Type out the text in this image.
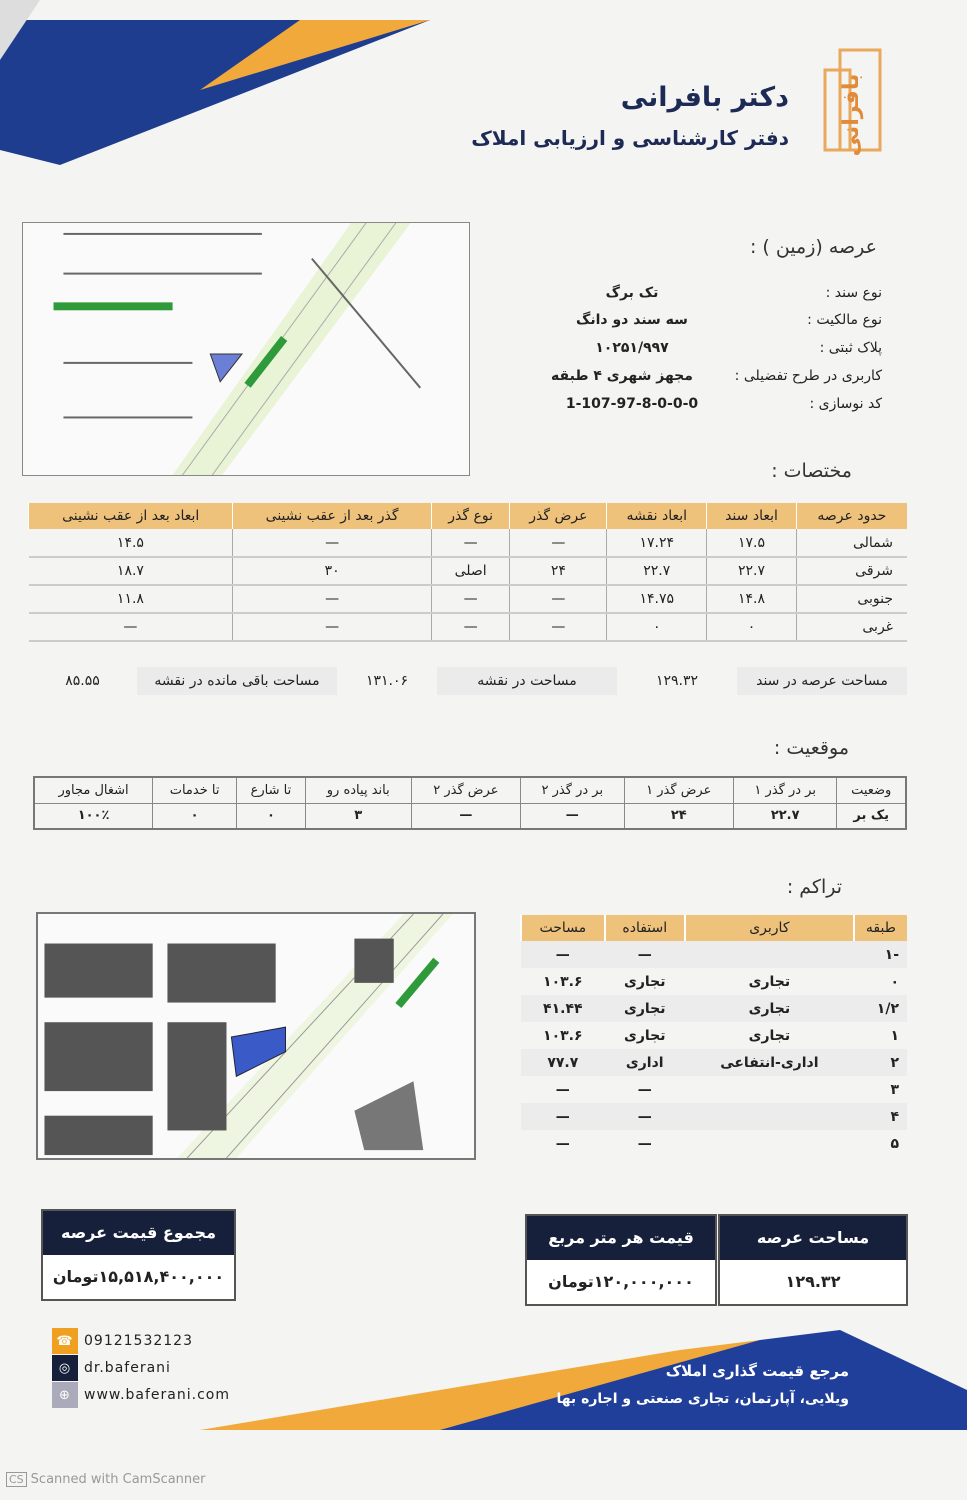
دکتر بافرانی
دفتر کارشناسی و ارزیابی املاک بافرانی
عرصه (زمین ) :
نوع سند :
تک برگ
نوع مالکیت :
سه سند دو دانگ
پلاک ثبتی :
۱۰۲۵۱/۹۹۷
کاربری در طرح تفضیلی :
مجهز شهری ۴ طبقه
کد نوسازی :
1-107-97-8-0-0-0
مختصات :
حدود عرصه	ابعاد سند	ابعاد نقشه	عرض گذر	نوع گذر	گذر بعد از عقب نشینی	ابعاد بعد از عقب نشینی
شمالی	۱۷.۵	۱۷.۲۴	—	—	—	۱۴.۵
شرقی	۲۲.۷	۲۲.۷	۲۴	اصلی	۳۰	۱۸.۷
جنوبی	۱۴.۸	۱۴.۷۵	—	—	—	۱۱.۸
غربی	۰	۰	—	—	—	—
مساحت عرصه در سند
۱۲۹.۳۲
مساحت در نقشه
۱۳۱.۰۶
مساحت باقی مانده در نقشه
۸۵.۵۵
موقعیت :
وضعیت	بر در گذر ۱	عرض گذر ۱	بر در گذر ۲	عرض گذر ۲	باند پیاده رو	تا شارع	تا خدمات	اشغال مجاور
یک بر	۲۲.۷	۲۴	—	—	۳	۰	۰	۱۰۰٪
تراکم :
طبقه	کاربری	استفاده	مساحت
-۱		—	—
۰	تجاری	تجاری	۱۰۳.۶
۱/۲	تجاری	تجاری	۴۱.۴۴
۱	تجاری	تجاری	۱۰۳.۶
۲	اداری-انتفاعی	اداری	۷۷.۷
۳		—	—
۴		—	—
۵		—	—
مساحت عرصه
۱۲۹.۳۲
قیمت هر متر مربع
۱۲۰,۰۰۰,۰۰۰تومان
مجموع قیمت عرصه
۱۵,۵۱۸,۴۰۰,۰۰۰تومان
مرجع قیمت گذاری املاک
ویلایی، آپارتمان، تجاری صنعتی و اجاره بها
☎ 09121532123
◎ dr.baferani
⊕ www.baferani.com
CS Scanned with CamScanner
